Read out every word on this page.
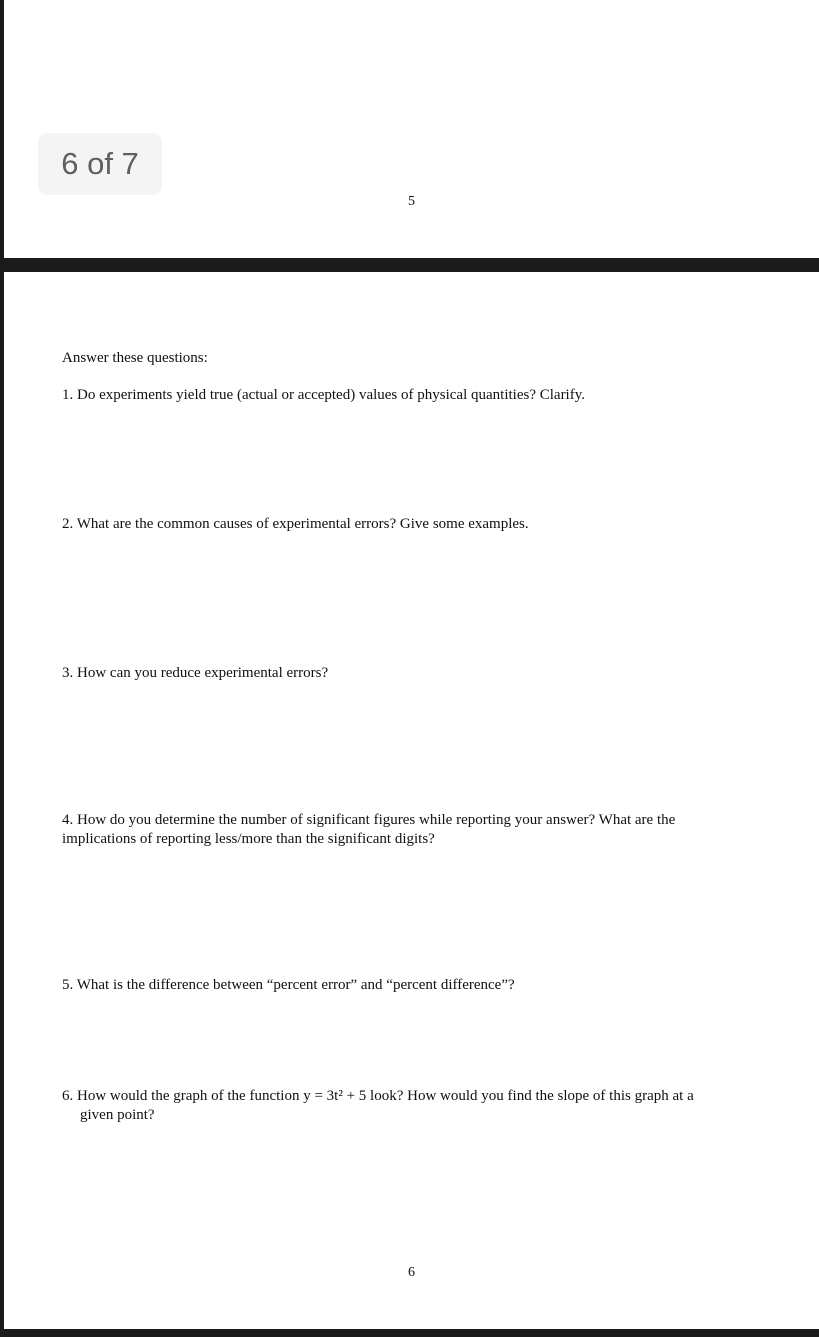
6 of 7
5
Answer these questions:
1. Do experiments yield true (actual or accepted) values of physical quantities? Clarify.
2. What are the common causes of experimental errors? Give some examples.
3. How can you reduce experimental errors?
4. How do you determine the number of significant figures while reporting your answer? What are the
implications of reporting less/more than the significant digits?
5. What is the difference between “percent error” and “percent difference”?
6. How would the graph of the function y = 3t² + 5 look? How would you find the slope of this graph at a
given point?
6
